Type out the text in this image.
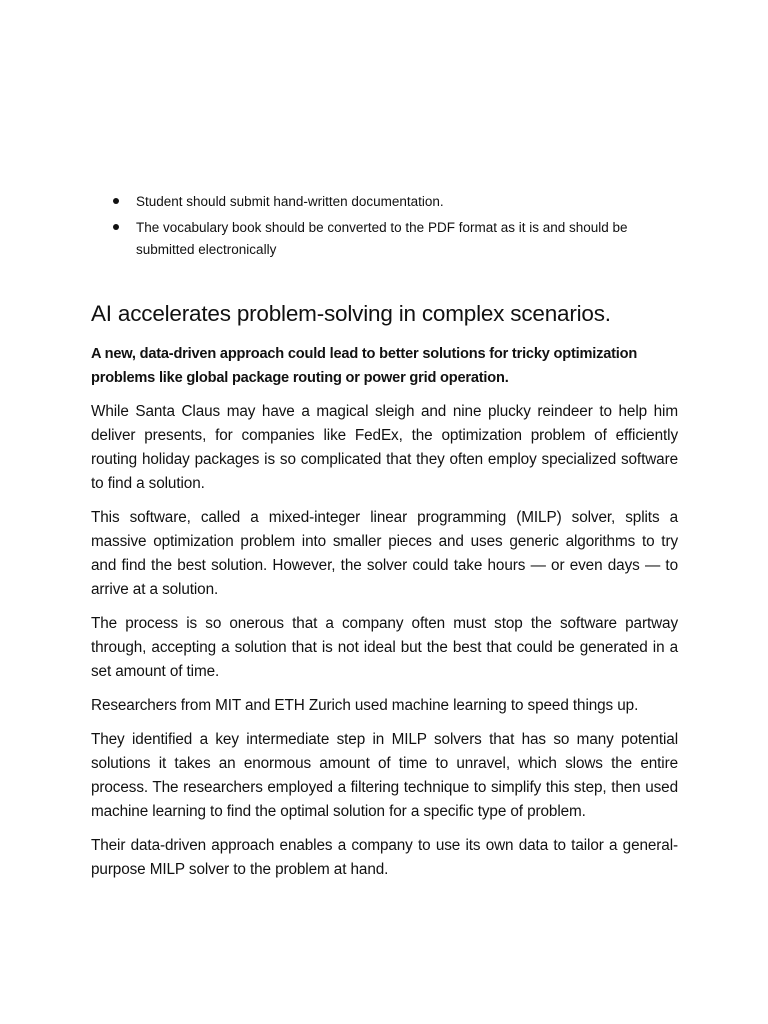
Student should submit hand-written documentation.
The vocabulary book should be converted to the PDF format as it is and should be submitted electronically
AI accelerates problem-solving in complex scenarios.

A new, data-driven approach could lead to better solutions for tricky optimization problems like global package routing or power grid operation.

While Santa Claus may have a magical sleigh and nine plucky reindeer to help him deliver presents, for companies like FedEx, the optimization problem of efficiently routing holiday packages is so complicated that they often employ specialized software to find a solution.

This software, called a mixed-integer linear programming (MILP) solver, splits a massive optimization problem into smaller pieces and uses generic algorithms to try and find the best solution. However, the solver could take hours — or even days — to arrive at a solution.

The process is so onerous that a company often must stop the software partway through, accepting a solution that is not ideal but the best that could be generated in a set amount of time.

Researchers from MIT and ETH Zurich used machine learning to speed things up.

They identified a key intermediate step in MILP solvers that has so many potential solutions it takes an enormous amount of time to unravel, which slows the entire process. The researchers employed a filtering technique to simplify this step, then used machine learning to find the optimal solution for a specific type of problem.

Their data-driven approach enables a company to use its own data to tailor a general-purpose MILP solver to the problem at hand.
